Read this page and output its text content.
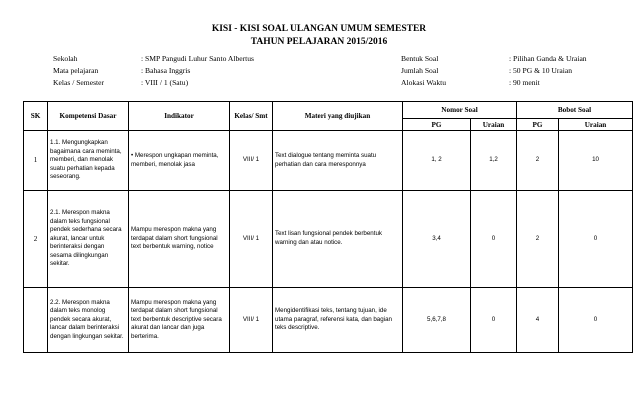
KISI - KISI SOAL ULANGAN UMUM SEMESTER
TAHUN PELAJARAN 2015/2016
Sekolah	: SMP Pangudi Luhur Santo Albertus
Mata pelajaran	: Bahasa Inggris
Kelas / Semester	: VIII / 1 (Satu)
Bentuk Soal	: Pilihan Ganda & Uraian
Jumlah Soal	: 50 PG & 10 Uraian
Alokasi Waktu	: 90 menit
SK	Kompetensi Dasar	Indikator	Kelas/ Smt	Materi yang diujikan	Nomor Soal		Bobot Soal	
					PG	Uraian	PG	Uraian
1	1.1. Mengungkapkan bagaimana cara meminta, memberi, dan menolak suatu perhatian kepada seseorang.	• Merespon ungkapan meminta, memberi, menolak jasa	VIII/ 1	Text dialogue tentang meminta suatu perhatian dan cara meresponnya	1, 2	1,2	2	10
2	2.1. Merespon makna dalam teks fungsional pendek sederhana secara akurat, lancar untuk berinteraksi dengan sesama dilingkungan sekitar.	Mampu merespon makna yang terdapat dalam short fungsional text berbentuk warning, notice	VIII/ 1	Text lisan fungsional pendek berbentuk warning dan atau notice.	3,4	0	2	0
	2.2. Merespon makna dalam teks monolog pendek secara akurat, lancar dalam berinteraksi dengan lingkungan sekitar.	Mampu merespon makna yang terdapat dalam short fungsional text berbentuk descriptive secara akurat dan lancar dan juga berterima.	VIII/ 1	Mengidentifikasi teks, tentang tujuan, ide utama paragraf, referensi kata, dan bagian teks descriptive.	5,6,7,8	0	4	0
